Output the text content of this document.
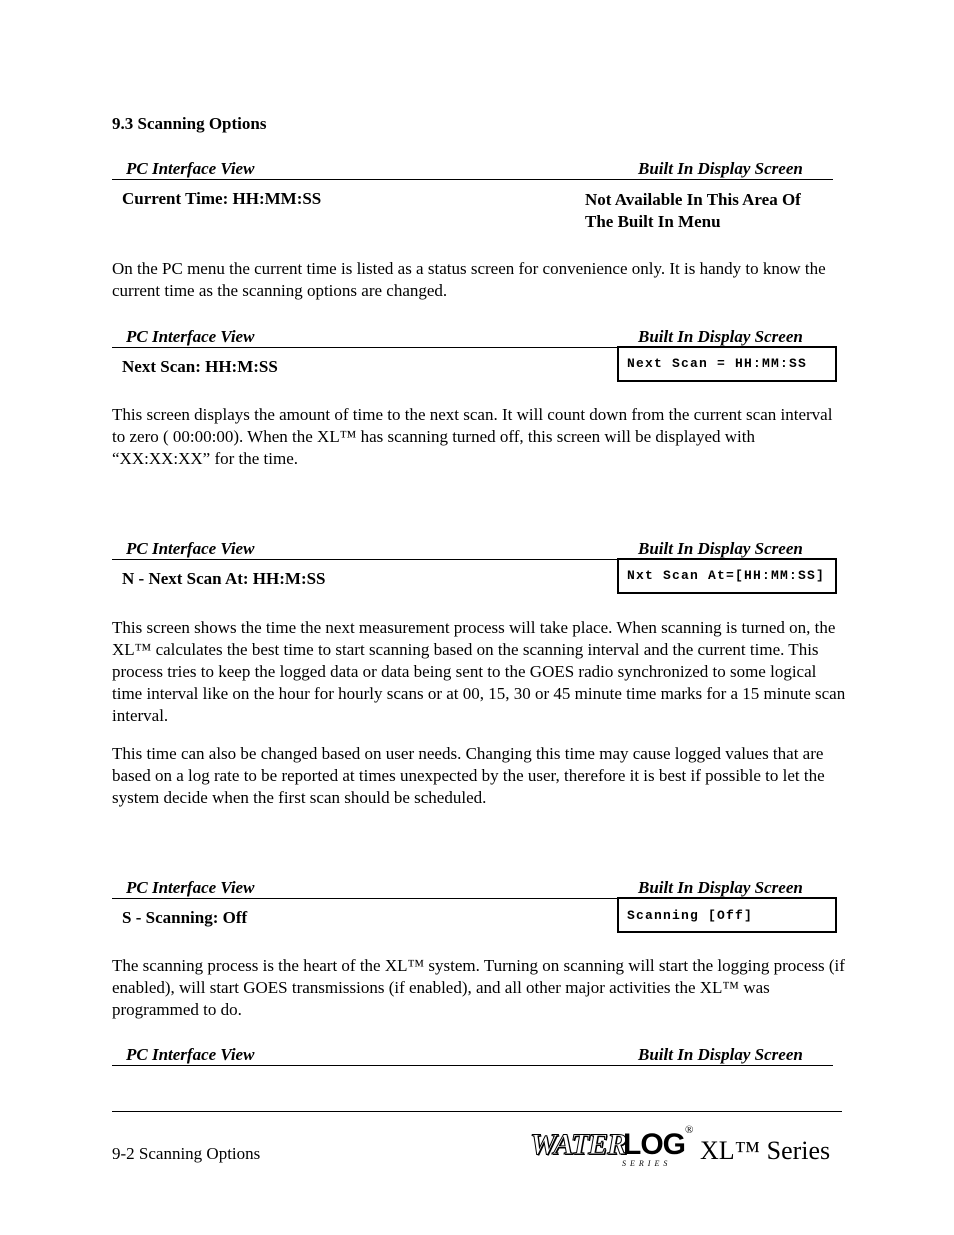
9.3 Scanning Options
PC Interface View	Built In Display Screen
Current Time: HH:MM:SS	Not Available In This Area Of
The Built In Menu
On the PC menu the current time is listed as a status screen for convenience only. It is handy to know the current time as the scanning options are changed.
PC Interface View	Built In Display Screen
Next Scan: HH:M:SS	Next Scan = HH:MM:SS
This screen displays the amount of time to the next scan. It will count down from the current scan interval to zero ( 00:00:00). When the XL™ has scanning turned off, this screen will be displayed with “XX:XX:XX” for the time.
PC Interface View	Built In Display Screen
N - Next Scan At: HH:M:SS	Nxt Scan At=[HH:MM:SS]
This screen shows the time the next measurement process will take place. When scanning is turned on, the XL™ calculates the best time to start scanning based on the scanning interval and the current time. This process tries to keep the logged data or data being sent to the GOES radio synchronized to some logical time interval like on the hour for hourly scans or at 00, 15, 30 or 45 minute time marks for a 15 minute scan interval.
This time can also be changed based on user needs. Changing this time may cause logged values that are based on a log rate to be reported at times unexpected by the user, therefore it is best if possible to let the system decide when the first scan should be scheduled.
PC Interface View	Built In Display Screen
S - Scanning: Off	Scanning [Off]
The scanning process is the heart of the XL™ system. Turning on scanning will start the logging process (if enabled), will start GOES transmissions (if enabled), and all other major activities the XL™ was programmed to do.
PC Interface View	Built In Display Screen
9-2 Scanning Options	WATER
LOG ®
S E R I E S XL™ Series
